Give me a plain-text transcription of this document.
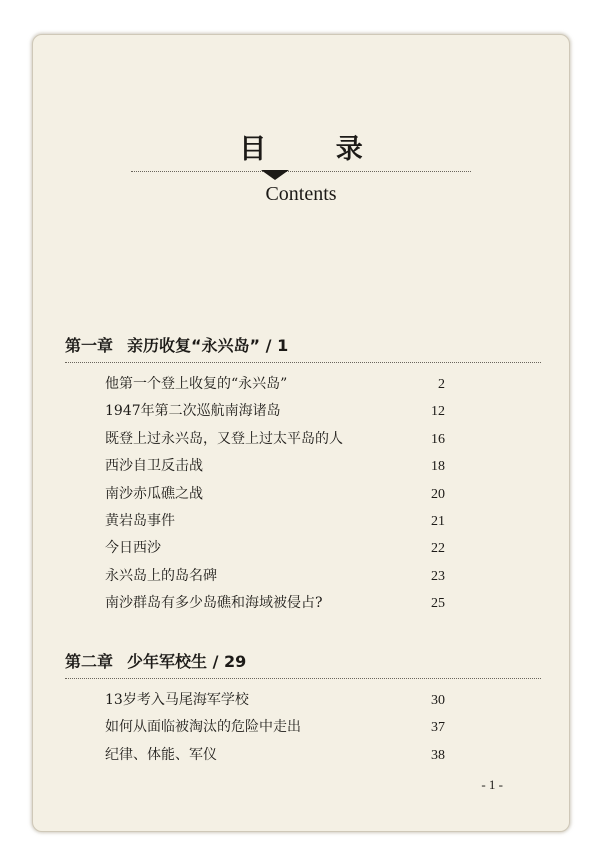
目 录
Contents
第一章 亲历收复“永兴岛” / 1
他第一个登上收复的“永兴岛”	2
1947年第二次巡航南海诸岛	12
既登上过永兴岛，又登上过太平岛的人	16
西沙自卫反击战	18
南沙赤瓜礁之战	20
黄岩岛事件	21
今日西沙	22
永兴岛上的岛名碑	23
南沙群岛有多少岛礁和海域被侵占?	25
第二章 少年军校生 / 29
13岁考入马尾海军学校	30
如何从面临被淘汰的危险中走出	37
纪律、体能、军仪	38
- 1 -
